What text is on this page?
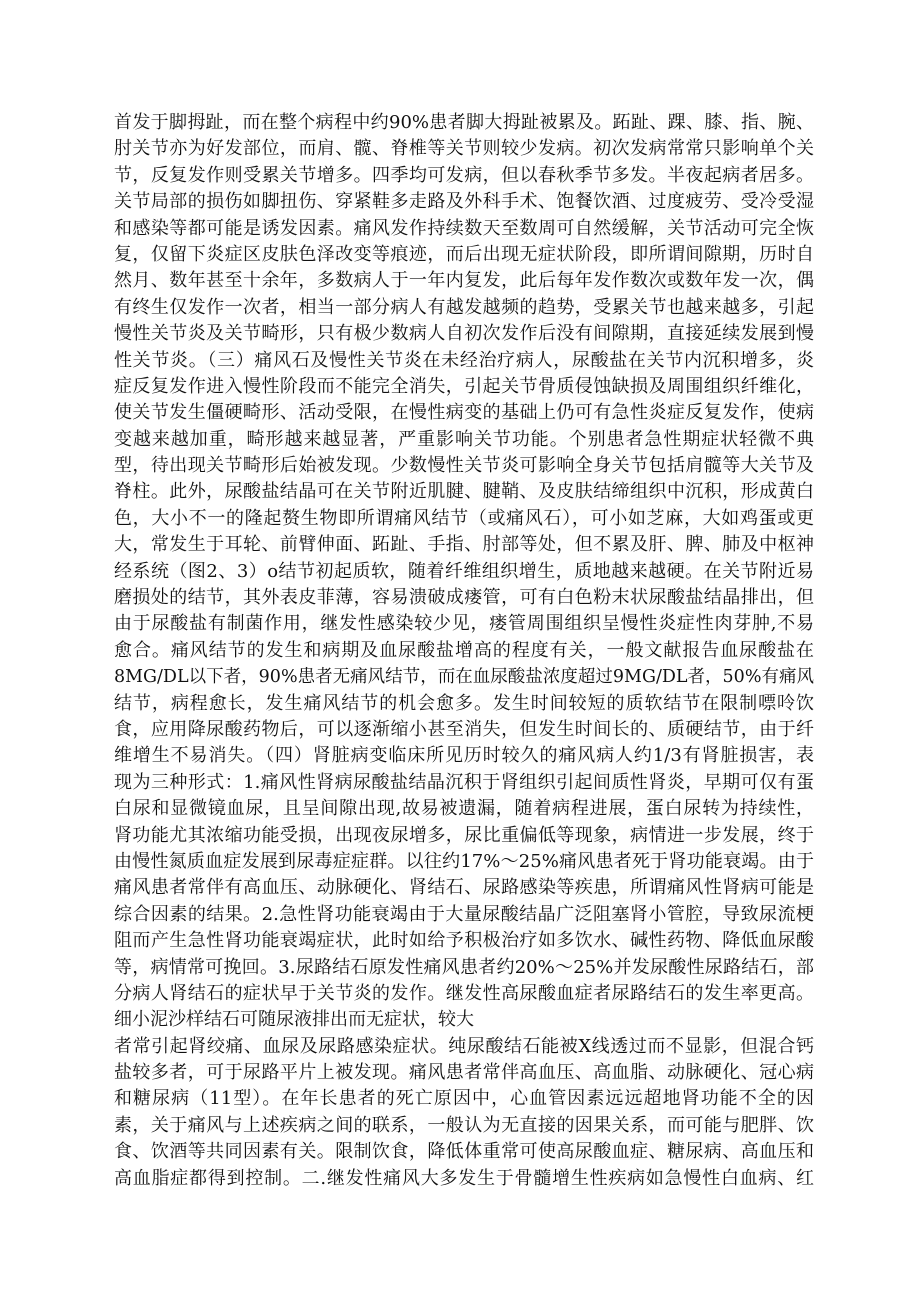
首发于脚拇趾，而在整个病程中约90%患者脚大拇趾被累及。跖趾、踝、膝、指、腕、
肘关节亦为好发部位，而肩、髋、脊椎等关节则较少发病。初次发病常常只影响单个关
节，反复发作则受累关节增多。四季均可发病，但以春秋季节多发。半夜起病者居多。
关节局部的损伤如脚扭伤、穿紧鞋多走路及外科手术、饱餐饮酒、过度疲劳、受冷受湿
和感染等都可能是诱发因素。痛风发作持续数天至数周可自然缓解，关节活动可完全恢
复，仅留下炎症区皮肤色泽改变等痕迹，而后出现无症状阶段，即所谓间隙期，历时自
然月、数年甚至十余年，多数病人于一年内复发，此后每年发作数次或数年发一次，偶
有终生仅发作一次者，相当一部分病人有越发越频的趋势，受累关节也越来越多，引起
慢性关节炎及关节畸形，只有极少数病人自初次发作后没有间隙期，直接延续发展到慢
性关节炎。（三）痛风石及慢性关节炎在未经治疗病人，尿酸盐在关节内沉积增多，炎
症反复发作进入慢性阶段而不能完全消失，引起关节骨质侵蚀缺损及周围组织纤维化，
使关节发生僵硬畸形、活动受限，在慢性病变的基础上仍可有急性炎症反复发作，使病
变越来越加重，畸形越来越显著，严重影响关节功能。个别患者急性期症状轻微不典
型，待出现关节畸形后始被发现。少数慢性关节炎可影响全身关节包括肩髋等大关节及
脊柱。此外，尿酸盐结晶可在关节附近肌腱、腱鞘、及皮肤结缔组织中沉积，形成黄白
色，大小不一的隆起赘生物即所谓痛风结节（或痛风石），可小如芝麻，大如鸡蛋或更
大，常发生于耳轮、前臂伸面、跖趾、手指、肘部等处，但不累及肝、脾、肺及中枢神
经系统（图2、3）o结节初起质软，随着纤维组织增生，质地越来越硬。在关节附近易
磨损处的结节，其外表皮菲薄，容易溃破成瘘管，可有白色粉末状尿酸盐结晶排出，但
由于尿酸盐有制菌作用，继发性感染较少见，瘘管周围组织呈慢性炎症性肉芽肿,不易
愈合。痛风结节的发生和病期及血尿酸盐增高的程度有关，一般文献报告血尿酸盐在
8MG/DL以下者，90%患者无痛风结节，而在血尿酸盐浓度超过9MG/DL者，50%有痛风
结节，病程愈长，发生痛风结节的机会愈多。发生时间较短的质软结节在限制嘌呤饮
食，应用降尿酸药物后，可以逐渐缩小甚至消失，但发生时间长的、质硬结节，由于纤
维增生不易消失。（四）肾脏病变临床所见历时较久的痛风病人约1/3有肾脏损害，表
现为三种形式：1.痛风性肾病尿酸盐结晶沉积于肾组织引起间质性肾炎，早期可仅有蛋
白尿和显微镜血尿，且呈间隙出现,故易被遗漏，随着病程进展，蛋白尿转为持续性，
肾功能尤其浓缩功能受损，出现夜尿增多，尿比重偏低等现象，病情进一步发展，终于
由慢性氮质血症发展到尿毒症症群。以往约17%～25%痛风患者死于肾功能衰竭。由于
痛风患者常伴有高血压、动脉硬化、肾结石、尿路感染等疾患，所谓痛风性肾病可能是
综合因素的结果。2.急性肾功能衰竭由于大量尿酸结晶广泛阻塞肾小管腔，导致尿流梗
阻而产生急性肾功能衰竭症状，此时如给予积极治疗如多饮水、碱性药物、降低血尿酸
等，病情常可挽回。3.尿路结石原发性痛风患者约20%～25%并发尿酸性尿路结石，部
分病人肾结石的症状早于关节炎的发作。继发性高尿酸血症者尿路结石的发生率更高。
细小泥沙样结石可随尿液排出而无症状，较大
者常引起肾绞痛、血尿及尿路感染症状。纯尿酸结石能被X线透过而不显影，但混合钙
盐较多者，可于尿路平片上被发现。痛风患者常伴高血压、高血脂、动脉硬化、冠心病
和糖尿病（11型）。在年长患者的死亡原因中，心血管因素远远超地肾功能不全的因
素，关于痛风与上述疾病之间的联系，一般认为无直接的因果关系，而可能与肥胖、饮
食、饮酒等共同因素有关。限制饮食，降低体重常可使高尿酸血症、糖尿病、高血压和
高血脂症都得到控制。二.继发性痛风大多发生于骨髓增生性疾病如急慢性白血病、红
